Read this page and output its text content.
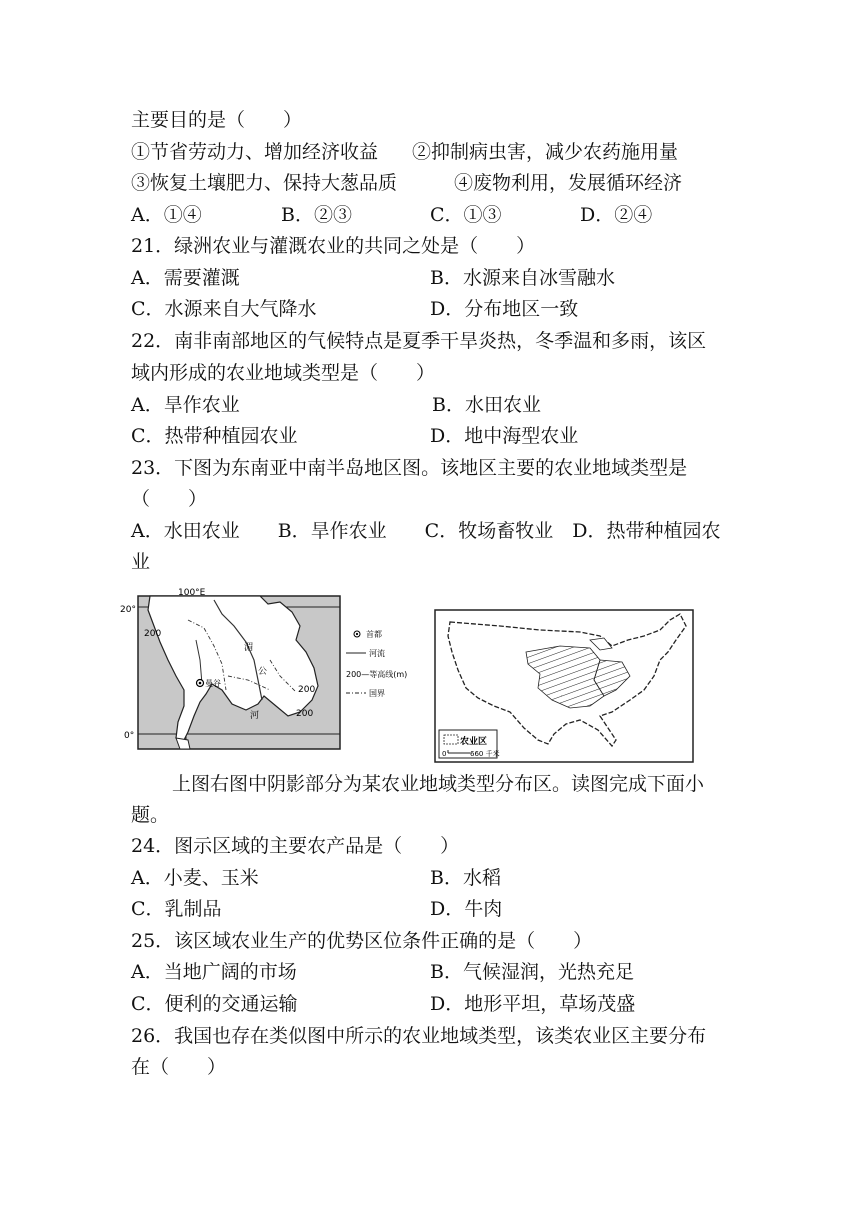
主要目的是（　　）
①节省劳动力、增加经济收益 ②抑制病虫害，减少农药施用量
③恢复土壤肥力、保持大葱品质	④废物利用，发展循环经济
A．①④	B．②③	C．①③	D．②④
21．绿洲农业与灌溉农业的共同之处是（　　）
A．需要灌溉	B．水源来自冰雪融水
C．水源来自大气降水	D．分布地区一致
22．南非南部地区的气候特点是夏季干旱炎热，冬季温和多雨，该区
域内形成的农业地域类型是（　　）
A．旱作农业	B．水田农业
C．热带种植园农业	D．地中海型农业
23．下图为东南亚中南半岛地区图。该地区主要的农业地域类型是
（　　）
A．水田农业　　B．旱作农业　　C．牧场畜牧业　D．热带种植园农
业
100°E
20°
0°
200
200
200
湄
公
河
曼谷
首都
河流
200—等高线(m)
国界
农业区
0	660 千米
上图右图中阴影部分为某农业地域类型分布区。读图完成下面小
题。
24．图示区域的主要农产品是（　　）
A．小麦、玉米	B．水稻
C．乳制品	D．牛肉
25．该区域农业生产的优势区位条件正确的是（　　）
A．当地广阔的市场	B．气候湿润，光热充足
C．便利的交通运输	D．地形平坦，草场茂盛
26．我国也存在类似图中所示的农业地域类型，该类农业区主要分布
在（　　）
